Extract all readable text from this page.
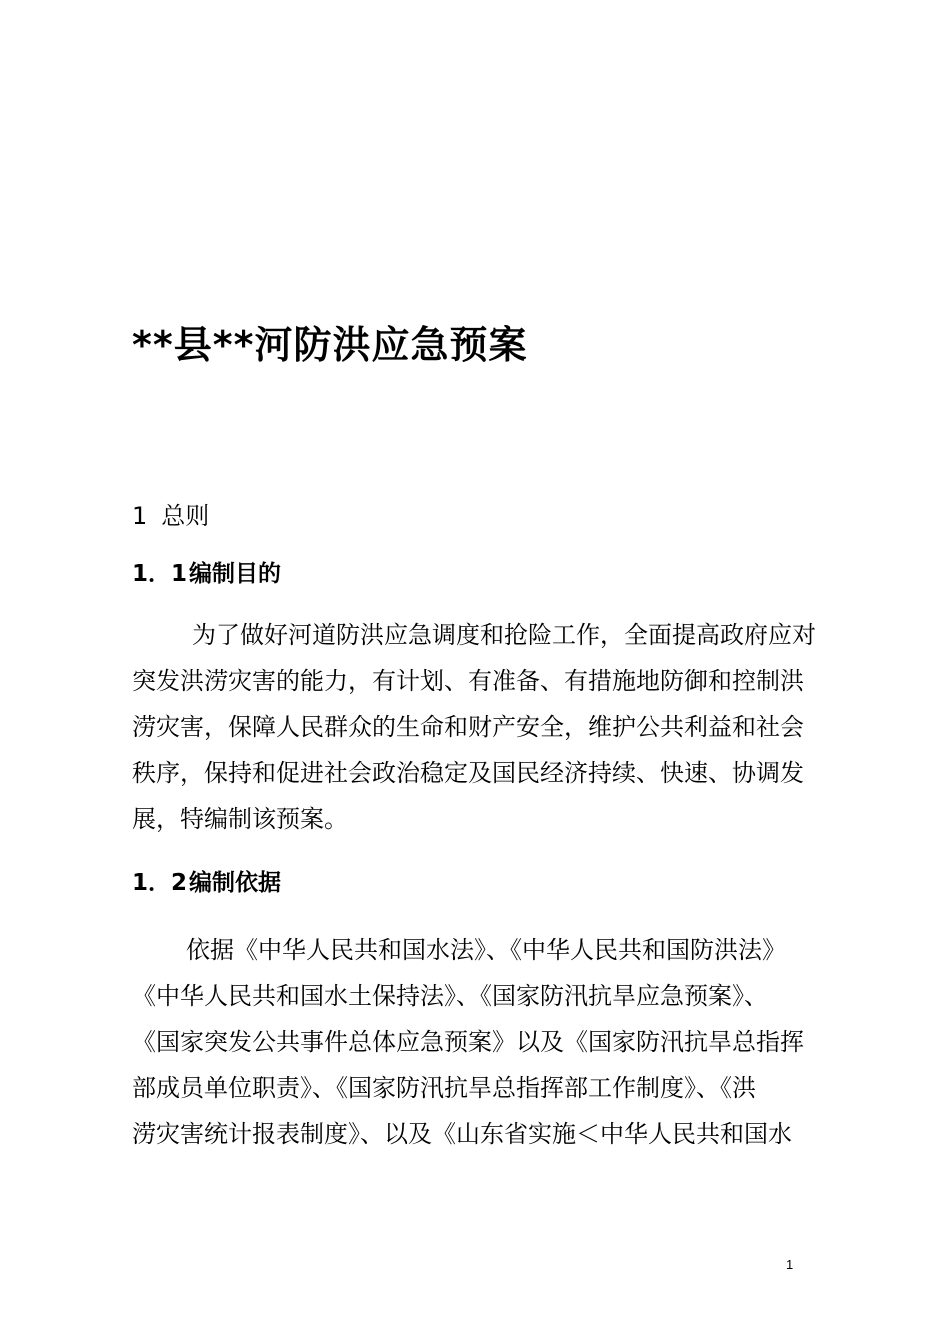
**县**河防洪应急预案
1 总则
1．1编制目的
为了做好河道防洪应急调度和抢险工作，全面提高政府应对
突发洪涝灾害的能力，有计划、有准备、有措施地防御和控制洪
涝灾害，保障人民群众的生命和财产安全，维护公共利益和社会
秩序，保持和促进社会政治稳定及国民经济持续、快速、协调发
展，特编制该预案。
1．2编制依据
依据《中华人民共和国水法》、《中华人民共和国防洪法》
《中华人民共和国水土保持法》、《国家防汛抗旱应急预案》、
《国家突发公共事件总体应急预案》以及《国家防汛抗旱总指挥
部成员单位职责》、《国家防汛抗旱总指挥部工作制度》、《洪
涝灾害统计报表制度》、以及《山东省实施＜中华人民共和国水
1
